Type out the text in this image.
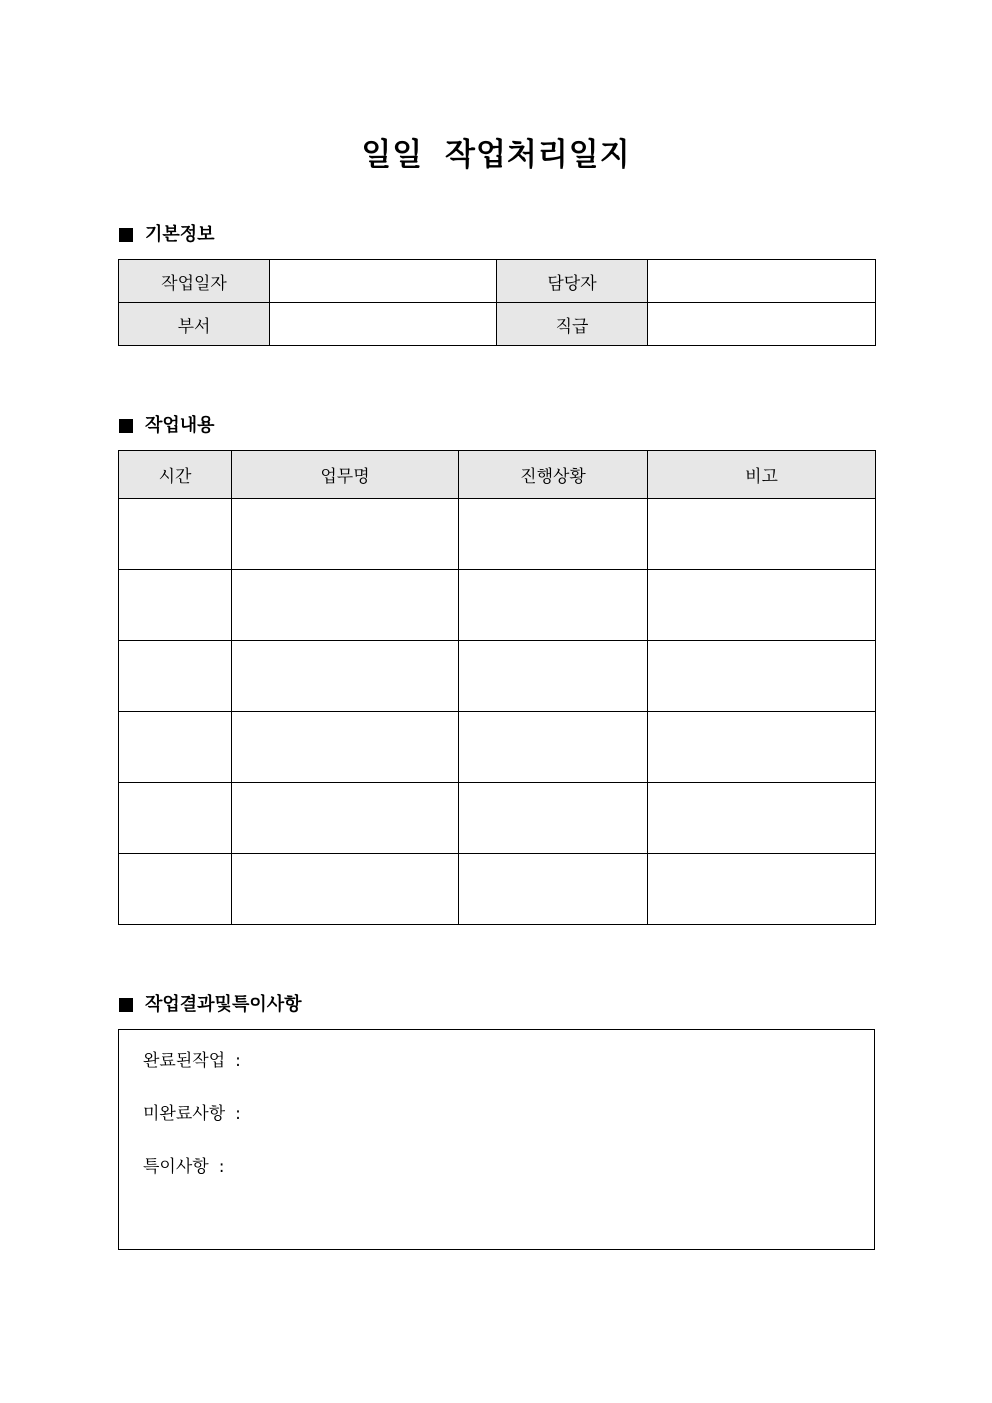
일일 작업처리일지
기본정보
작업일자		담당자	
부서		직급	
작업내용
시간	업무명	진행상황	비고

작업결과및특이사항
완료된작업 :
미완료사항 :
특이사항 :
